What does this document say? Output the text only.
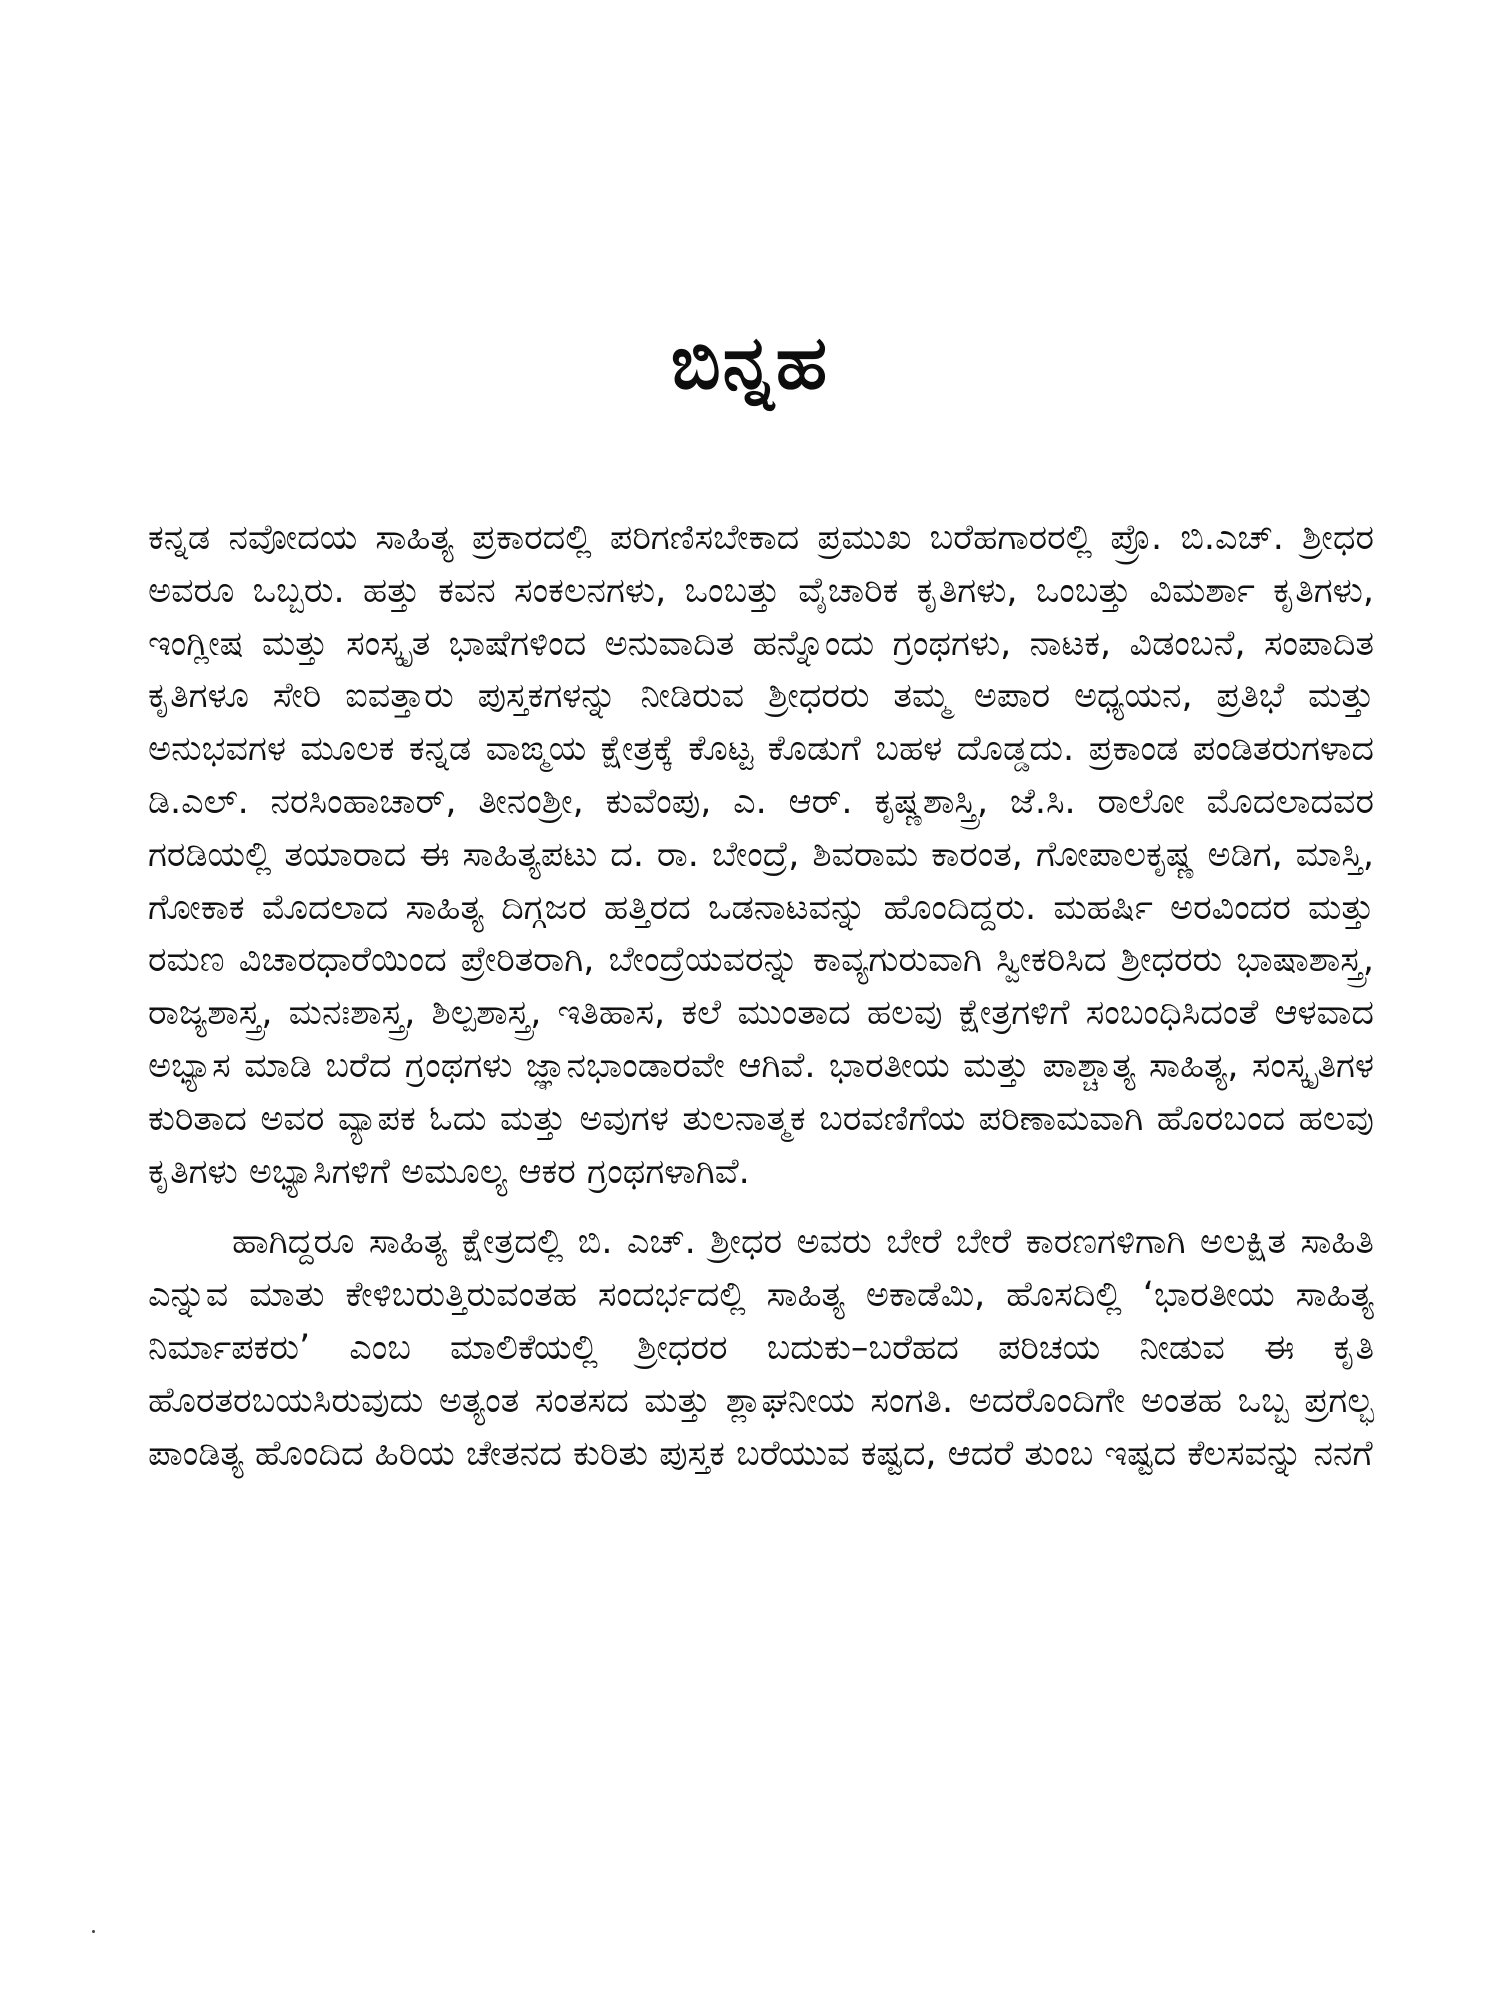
ಬಿನ್ನಹ

ಕನ್ನಡ ನವೋದಯ ಸಾಹಿತ್ಯ ಪ್ರಕಾರದಲ್ಲಿ ಪರಿಗಣಿಸಬೇಕಾದ ಪ್ರಮುಖ ಬರೆಹಗಾರರಲ್ಲಿ ಪ್ರೊ. ಬಿ.ಎಚ್. ಶ್ರೀಧರ ಅವರೂ ಒಬ್ಬರು. ಹತ್ತು ಕವನ ಸಂಕಲನಗಳು, ಒಂಬತ್ತು ವೈಚಾರಿಕ ಕೃತಿಗಳು, ಒಂಬತ್ತು ವಿಮರ್ಶಾ ಕೃತಿಗಳು, ಇಂಗ್ಲೀಷ ಮತ್ತು ಸಂಸ್ಕೃತ ಭಾಷೆಗಳಿಂದ ಅನುವಾದಿತ ಹನ್ನೊಂದು ಗ್ರಂಥಗಳು, ನಾಟಕ, ವಿಡಂಬನೆ, ಸಂಪಾದಿತ ಕೃತಿಗಳೂ ಸೇರಿ ಐವತ್ತಾರು ಪುಸ್ತಕಗಳನ್ನು ನೀಡಿರುವ ಶ್ರೀಧರರು ತಮ್ಮ ಅಪಾರ ಅಧ್ಯಯನ, ಪ್ರತಿಭೆ ಮತ್ತು ಅನುಭವಗಳ ಮೂಲಕ ಕನ್ನಡ ವಾಙ್ಮಯ ಕ್ಷೇತ್ರಕ್ಕೆ ಕೊಟ್ಟ ಕೊಡುಗೆ ಬಹಳ ದೊಡ್ಡದು. ಪ್ರಕಾಂಡ ಪಂಡಿತರುಗಳಾದ ಡಿ.ಎಲ್. ನರಸಿಂಹಾಚಾರ್, ತೀನಂಶ್ರೀ, ಕುವೆಂಪು, ಎ. ಆರ್. ಕೃಷ್ಣಶಾಸ್ತ್ರಿ, ಜೆ.ಸಿ. ರಾಲೋ ಮೊದಲಾದವರ ಗರಡಿಯಲ್ಲಿ ತಯಾರಾದ ಈ ಸಾಹಿತ್ಯಪಟು ದ. ರಾ. ಬೇಂದ್ರೆ, ಶಿವರಾಮ ಕಾರಂತ, ಗೋಪಾಲಕೃಷ್ಣ ಅಡಿಗ, ಮಾಸ್ತಿ, ಗೋಕಾಕ ಮೊದಲಾದ ಸಾಹಿತ್ಯ ದಿಗ್ಗಜರ ಹತ್ತಿರದ ಒಡನಾಟವನ್ನು ಹೊಂದಿದ್ದರು. ಮಹರ್ಷಿ ಅರವಿಂದರ ಮತ್ತು ರಮಣ ವಿಚಾರಧಾರೆಯಿಂದ ಪ್ರೇರಿತರಾಗಿ, ಬೇಂದ್ರೆಯವರನ್ನು ಕಾವ್ಯಗುರುವಾಗಿ ಸ್ವೀಕರಿಸಿದ ಶ್ರೀಧರರು ಭಾಷಾಶಾಸ್ತ್ರ, ರಾಜ್ಯಶಾಸ್ತ್ರ, ಮನಃಶಾಸ್ತ್ರ, ಶಿಲ್ಪಶಾಸ್ತ್ರ, ಇತಿಹಾಸ, ಕಲೆ ಮುಂತಾದ ಹಲವು ಕ್ಷೇತ್ರಗಳಿಗೆ ಸಂಬಂಧಿಸಿದಂತೆ ಆಳವಾದ ಅಭ್ಯಾಸ ಮಾಡಿ ಬರೆದ ಗ್ರಂಥಗಳು ಜ್ಞಾನಭಾಂಡಾರವೇ ಆಗಿವೆ. ಭಾರತೀಯ ಮತ್ತು ಪಾಶ್ಚಾತ್ಯ ಸಾಹಿತ್ಯ, ಸಂಸ್ಕೃತಿಗಳ ಕುರಿತಾದ ಅವರ ವ್ಯಾಪಕ ಓದು ಮತ್ತು ಅವುಗಳ ತುಲನಾತ್ಮಕ ಬರವಣಿಗೆಯ ಪರಿಣಾಮವಾಗಿ ಹೊರಬಂದ ಹಲವು ಕೃತಿಗಳು ಅಭ್ಯಾಸಿಗಳಿಗೆ ಅಮೂಲ್ಯ ಆಕರ ಗ್ರಂಥಗಳಾಗಿವೆ.

ಹಾಗಿದ್ದರೂ ಸಾಹಿತ್ಯ ಕ್ಷೇತ್ರದಲ್ಲಿ ಬಿ. ಎಚ್. ಶ್ರೀಧರ ಅವರು ಬೇರೆ ಬೇರೆ ಕಾರಣಗಳಿಗಾಗಿ ಅಲಕ್ಷಿತ ಸಾಹಿತಿ ಎನ್ನುವ ಮಾತು ಕೇಳಿಬರುತ್ತಿರುವಂತಹ ಸಂದರ್ಭದಲ್ಲಿ ಸಾಹಿತ್ಯ ಅಕಾಡೆಮಿ, ಹೊಸದಿಲ್ಲಿ ‘ಭಾರತೀಯ ಸಾಹಿತ್ಯ ನಿರ್ಮಾಪಕರು’ ಎಂಬ ಮಾಲಿಕೆಯಲ್ಲಿ ಶ್ರೀಧರರ ಬದುಕು–ಬರೆಹದ ಪರಿಚಯ ನೀಡುವ ಈ ಕೃತಿ ಹೊರತರಬಯಸಿರುವುದು ಅತ್ಯಂತ ಸಂತಸದ ಮತ್ತು ಶ್ಲಾಘನೀಯ ಸಂಗತಿ. ಅದರೊಂದಿಗೇ ಅಂತಹ ಒಬ್ಬ ಪ್ರಗಲ್ಭ ಪಾಂಡಿತ್ಯ ಹೊಂದಿದ ಹಿರಿಯ ಚೇತನದ ಕುರಿತು ಪುಸ್ತಕ ಬರೆಯುವ ಕಷ್ಟದ, ಆದರೆ ತುಂಬ ಇಷ್ಟದ ಕೆಲಸವನ್ನು ನನಗೆ
